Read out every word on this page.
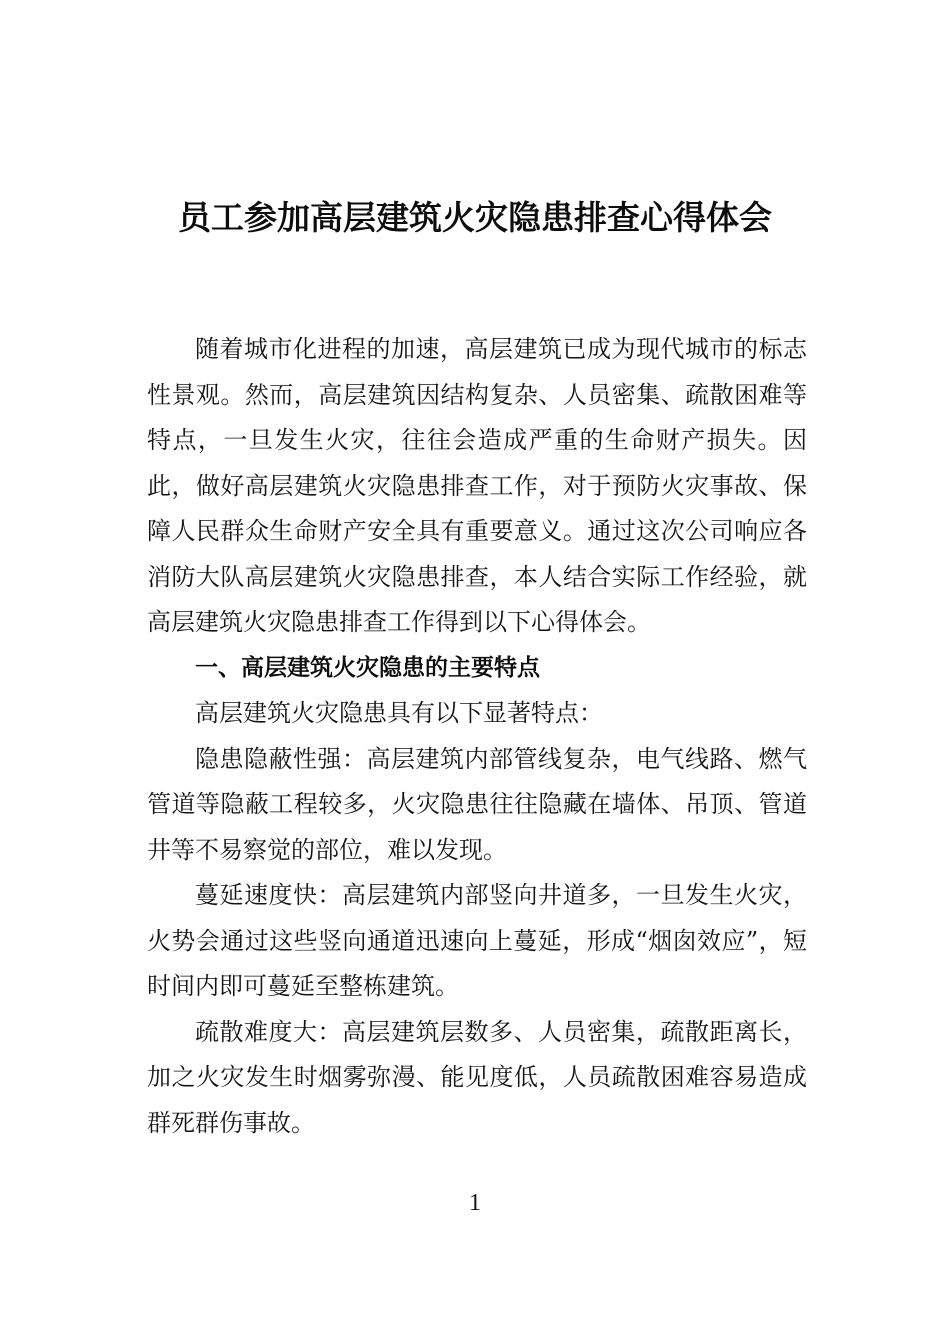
员工参加高层建筑火灾隐患排查心得体会

随着城市化进程的加速，高层建筑已成为现代城市的标志性景观。然而，高层建筑因结构复杂、人员密集、疏散困难等特点，一旦发生火灾，往往会造成严重的生命财产损失。因此，做好高层建筑火灾隐患排查工作，对于预防火灾事故、保障人民群众生命财产安全具有重要意义。通过这次公司响应各消防大队高层建筑火灾隐患排查，本人结合实际工作经验，就高层建筑火灾隐患排查工作得到以下心得体会。

一、高层建筑火灾隐患的主要特点

高层建筑火灾隐患具有以下显著特点：

隐患隐蔽性强：高层建筑内部管线复杂，电气线路、燃气管道等隐蔽工程较多，火灾隐患往往隐藏在墙体、吊顶、管道井等不易察觉的部位，难以发现。

蔓延速度快：高层建筑内部竖向井道多，一旦发生火灾，火势会通过这些竖向通道迅速向上蔓延，形成“烟囱效应”，短时间内即可蔓延至整栋建筑。

疏散难度大：高层建筑层数多、人员密集，疏散距离长，加之火灾发生时烟雾弥漫、能见度低，人员疏散困难容易造成群死群伤事故。

1
